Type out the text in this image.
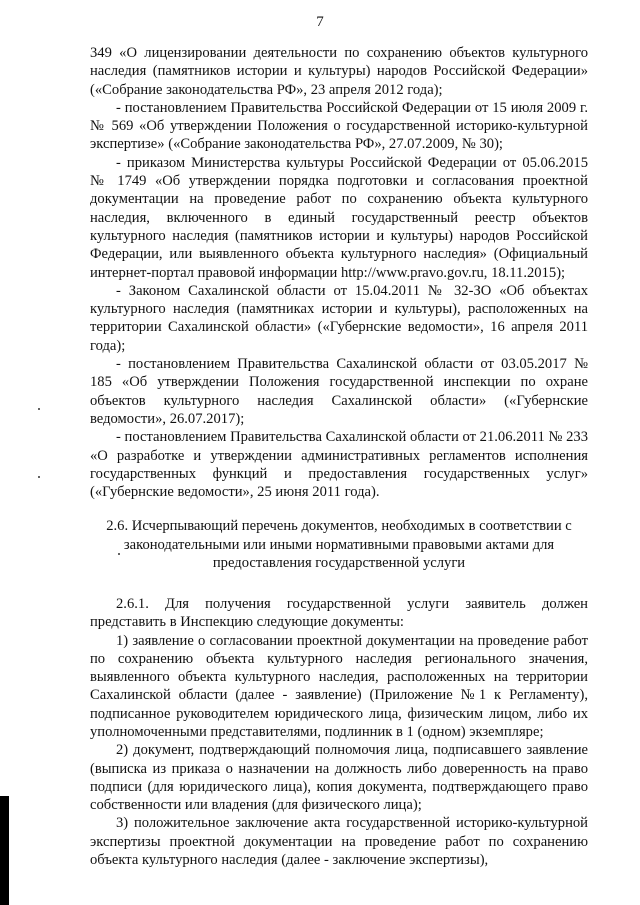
7

349 «О лицензировании деятельности по сохранению объектов культурного наследия (памятников истории и культуры) народов Российской Федерации» («Собрание законодательства РФ», 23 апреля 2012 года);

- постановлением Правительства Российской Федерации от 15 июля 2009 г. № 569 «Об утверждении Положения о государственной историко-культурной экспертизе» («Собрание законодательства РФ», 27.07.2009, № 30);

- приказом Министерства культуры Российской Федерации от 05.06.2015 № 1749 «Об утверждении порядка подготовки и согласования проектной документации на проведение работ по сохранению объекта культурного наследия, включенного в единый государственный реестр объектов культурного наследия (памятников истории и культуры) народов Российской Федерации, или выявленного объекта культурного наследия» (Официальный интернет-портал правовой информации http://www.pravo.gov.ru, 18.11.2015);

- Законом Сахалинской области от 15.04.2011 № 32-ЗО «Об объектах культурного наследия (памятниках истории и культуры), расположенных на территории Сахалинской области» («Губернские ведомости», 16 апреля 2011 года);

- постановлением Правительства Сахалинской области от 03.05.2017 № 185 «Об утверждении Положения государственной инспекции по охране объектов культурного наследия Сахалинской области» («Губернские ведомости», 26.07.2017);

- постановлением Правительства Сахалинской области от 21.06.2011 № 233 «О разработке и утверждении административных регламентов исполнения государственных функций и предоставления государственных услуг» («Губернские ведомости», 25 июня 2011 года).

2.6. Исчерпывающий перечень документов, необходимых в соответствии с законодательными или иными нормативными правовыми актами для предоставления государственной услуги

2.6.1. Для получения государственной услуги заявитель должен представить в Инспекцию следующие документы:

1) заявление о согласовании проектной документации на проведение работ по сохранению объекта культурного наследия регионального значения, выявленного объекта культурного наследия, расположенных на территории Сахалинской области (далее - заявление) (Приложение №1 к Регламенту), подписанное руководителем юридического лица, физическим лицом, либо их уполномоченными представителями, подлинник в 1 (одном) экземпляре;

2) документ, подтверждающий полномочия лица, подписавшего заявление (выписка из приказа о назначении на должность либо доверенность на право подписи (для юридического лица), копия документа, подтверждающего право собственности или владения (для физического лица);

3) положительное заключение акта государственной историко-культурной экспертизы проектной документации на проведение работ по сохранению объекта культурного наследия (далее - заключение экспертизы),
